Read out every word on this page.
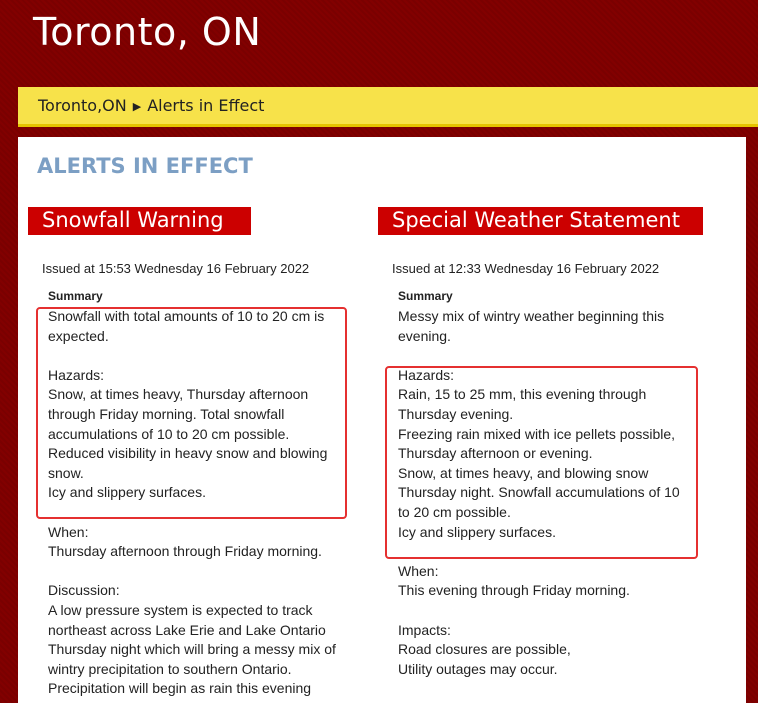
Toronto, ON
Toronto,ON ▶ Alerts in Effect
ALERTS IN EFFECT
Snowfall Warning
Issued at 15:53 Wednesday 16 February 2022
Summary
Snowfall with total amounts of 10 to 20 cm is
expected.
Hazards:
Snow, at times heavy, Thursday afternoon
through Friday morning. Total snowfall
accumulations of 10 to 20 cm possible.
Reduced visibility in heavy snow and blowing
snow.
Icy and slippery surfaces.
When:
Thursday afternoon through Friday morning.
Discussion:
A low pressure system is expected to track
northeast across Lake Erie and Lake Ontario
Thursday night which will bring a messy mix of
wintry precipitation to southern Ontario.
Precipitation will begin as rain this evening
Special Weather Statement
Issued at 12:33 Wednesday 16 February 2022
Summary
Messy mix of wintry weather beginning this
evening.
Hazards:
Rain, 15 to 25 mm, this evening through
Thursday evening.
Freezing rain mixed with ice pellets possible,
Thursday afternoon or evening.
Snow, at times heavy, and blowing snow
Thursday night. Snowfall accumulations of 10
to 20 cm possible.
Icy and slippery surfaces.
When:
This evening through Friday morning.
Impacts:
Road closures are possible,
Utility outages may occur.
